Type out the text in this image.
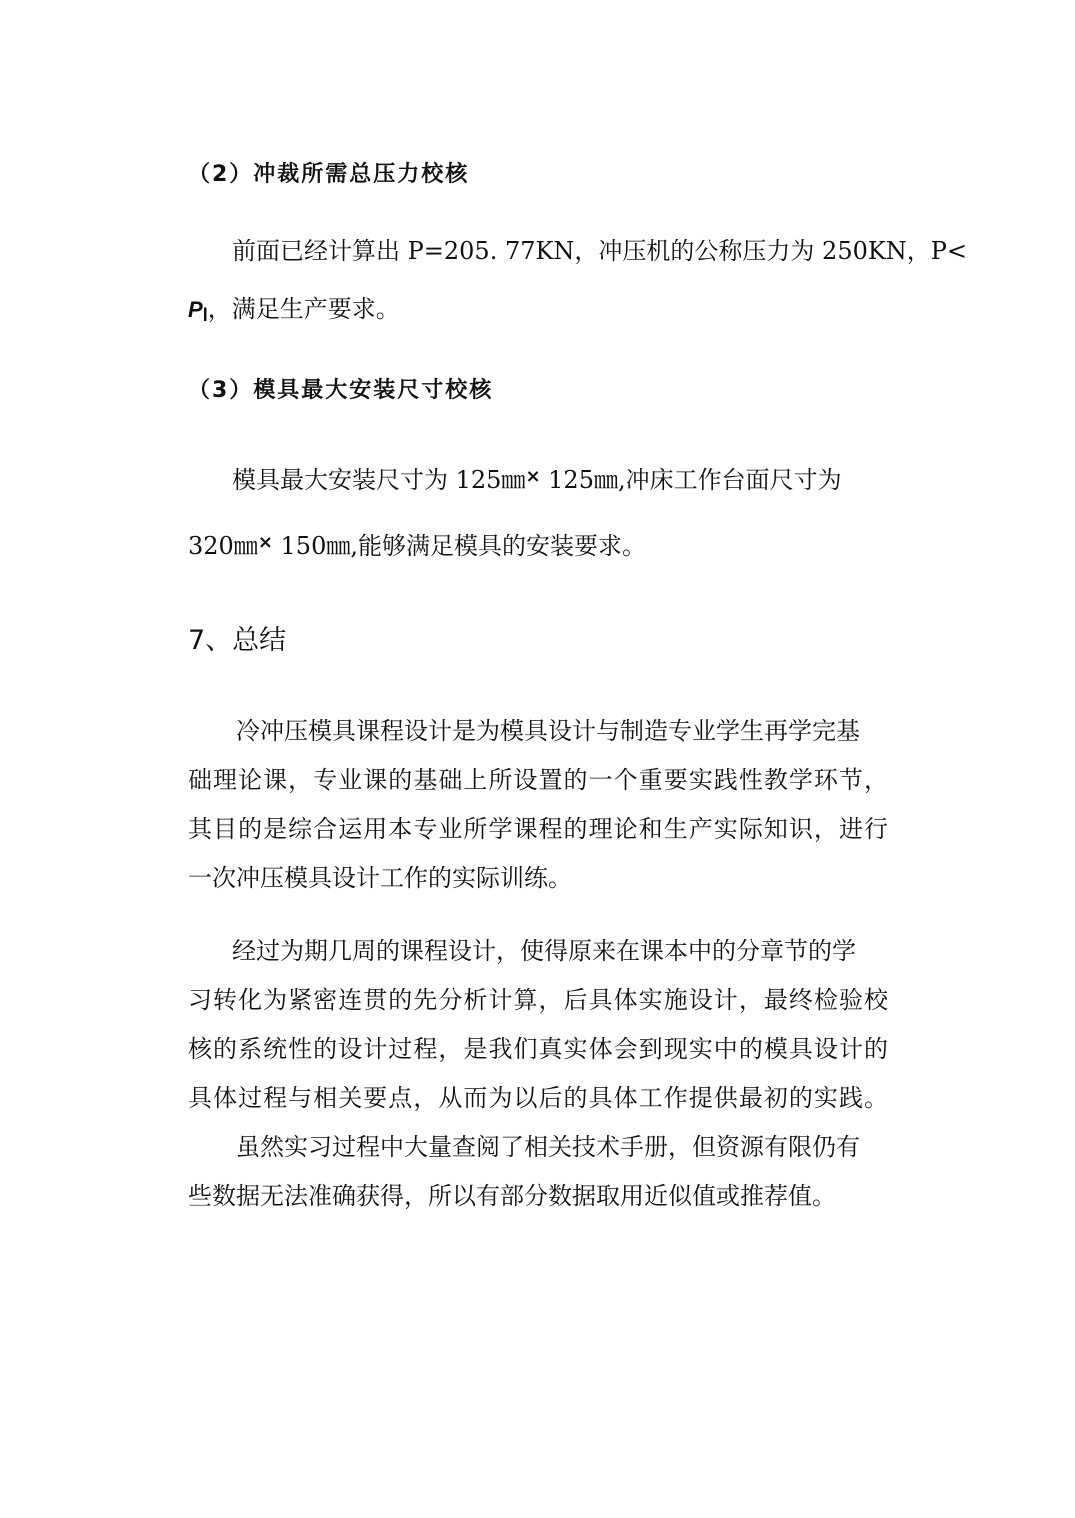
（2）冲裁所需总压力校核
前面已经计算出 P=205. 77KN，冲压机的公称压力为 250KN，P<
Pl，满足生产要求。
（3）模具最大安装尺寸校核
模具最大安装尺寸为 125㎜× 125㎜,冲床工作台面尺寸为
320㎜× 150㎜,能够满足模具的安装要求。
7、总结
冷冲压模具课程设计是为模具设计与制造专业学生再学完基
础理论课，专业课的基础上所设置的一个重要实践性教学环节，
其目的是综合运用本专业所学课程的理论和生产实际知识，进行
一次冲压模具设计工作的实际训练。
经过为期几周的课程设计，使得原来在课本中的分章节的学
习转化为紧密连贯的先分析计算，后具体实施设计，最终检验校
核的系统性的设计过程，是我们真实体会到现实中的模具设计的
具体过程与相关要点，从而为以后的具体工作提供最初的实践。
虽然实习过程中大量查阅了相关技术手册，但资源有限仍有
些数据无法准确获得，所以有部分数据取用近似值或推荐值。
